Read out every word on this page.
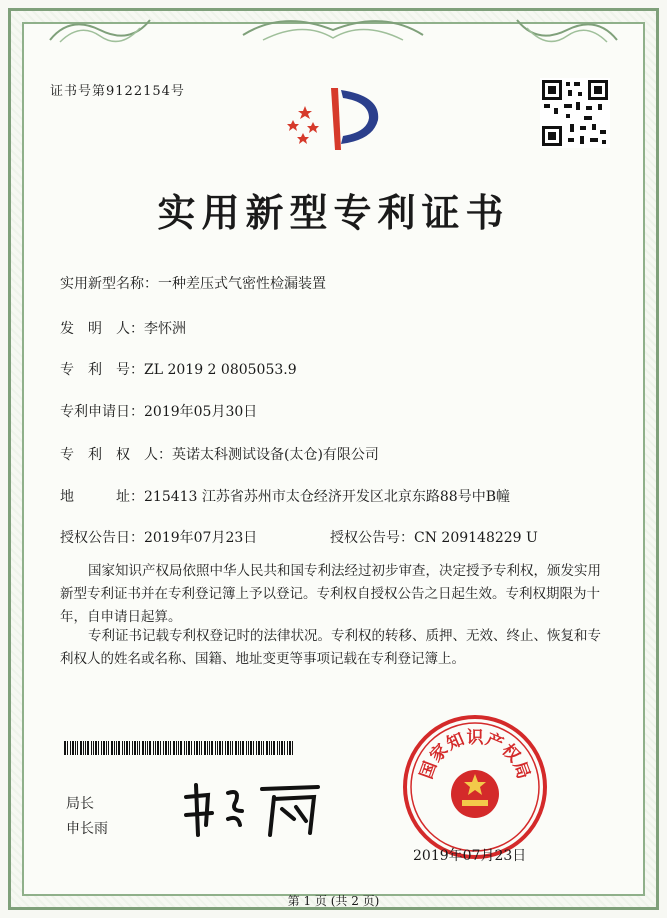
证书号第9122154号
实用新型专利证书
实用新型名称：一种差压式气密性检漏装置
发　明　人：李怀洲
专　利　号：ZL 2019 2 0805053.9
专利申请日：2019年05月30日
专　利　权　人：英诺太科测试设备(太仓)有限公司
地　　　址：215413 江苏省苏州市太仓经济开发区北京东路88号中B幢
授权公告日：2019年07月23日	授权公告号：CN 209148229 U

国家知识产权局依照中华人民共和国专利法经过初步审查，决定授予专利权，颁发实用新型专利证书并在专利登记簿上予以登记。专利权自授权公告之日起生效。专利权期限为十年，自申请日起算。

专利证书记载专利权登记时的法律状况。专利权的转移、质押、无效、终止、恢复和专利权人的姓名或名称、国籍、地址变更等事项记载在专利登记簿上。

局长
申长雨
国
家
知 识 产
权
局
2019年07月23日
第 1 页 (共 2 页)
